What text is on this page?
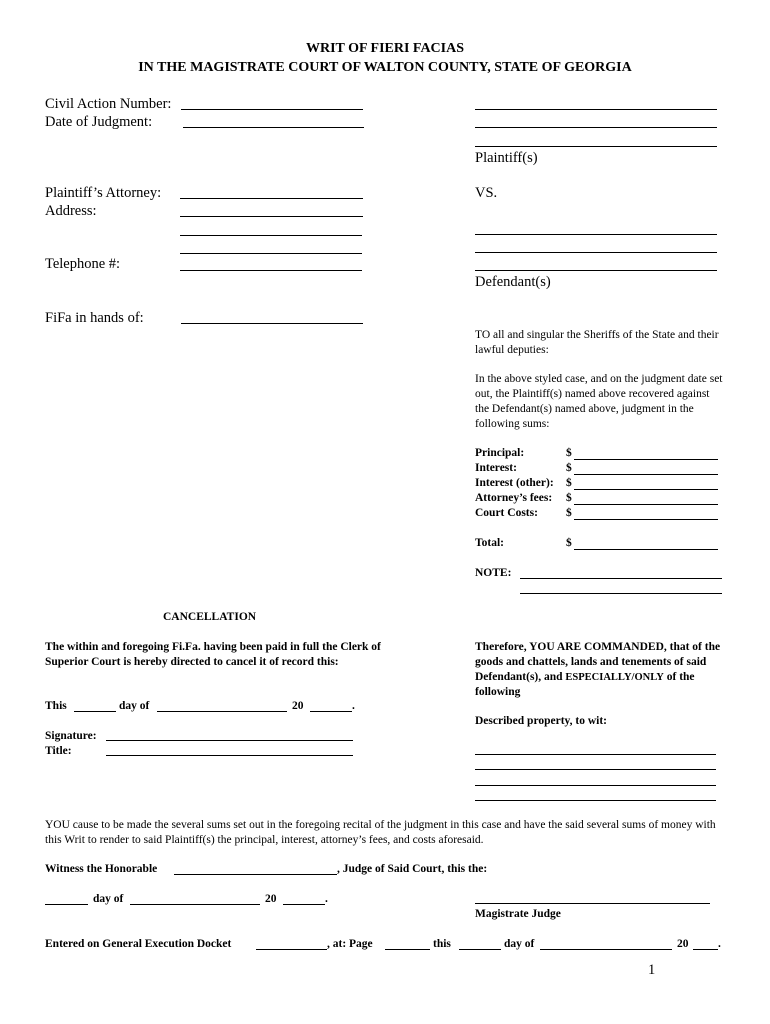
WRIT OF FIERI FACIAS
IN THE MAGISTRATE COURT OF WALTON COUNTY, STATE OF GEORGIA
Civil Action Number:
Date of Judgment:
Plaintiff’s Attorney:
Address:
Telephone #:
FiFa in hands of:
Plaintiff(s)
VS.
Defendant(s)
TO all and singular the Sheriffs of the State and their lawful deputies:
In the above styled case, and on the judgment date set out, the Plaintiff(s) named above recovered against the Defendant(s) named above, judgment in the following sums:
Principal:	$
Interest:	$
Interest (other): $
Attorney’s fees: $
Court Costs: $
Total:	$
NOTE:
CANCELLATION
The within and foregoing Fi.Fa. having been paid in full the Clerk of Superior Court is hereby directed to cancel it of record this:
This	day of	20	.
Signature:
Title:
Therefore, YOU ARE COMMANDED, that of the goods and chattels, lands and tenements of said Defendant(s), and ESPECIALLY/ONLY of the following
Described property, to wit:
YOU cause to be made the several sums set out in the foregoing recital of the judgment in this case and have the said several sums of money with this Writ to render to said Plaintiff(s) the principal, interest, attorney’s fees, and costs aforesaid.
Witness the Honorable	, Judge of Said Court, this the:
day of	20	.
Magistrate Judge
Entered on General Execution Docket	, at: Page	this	day of	20	.
1
